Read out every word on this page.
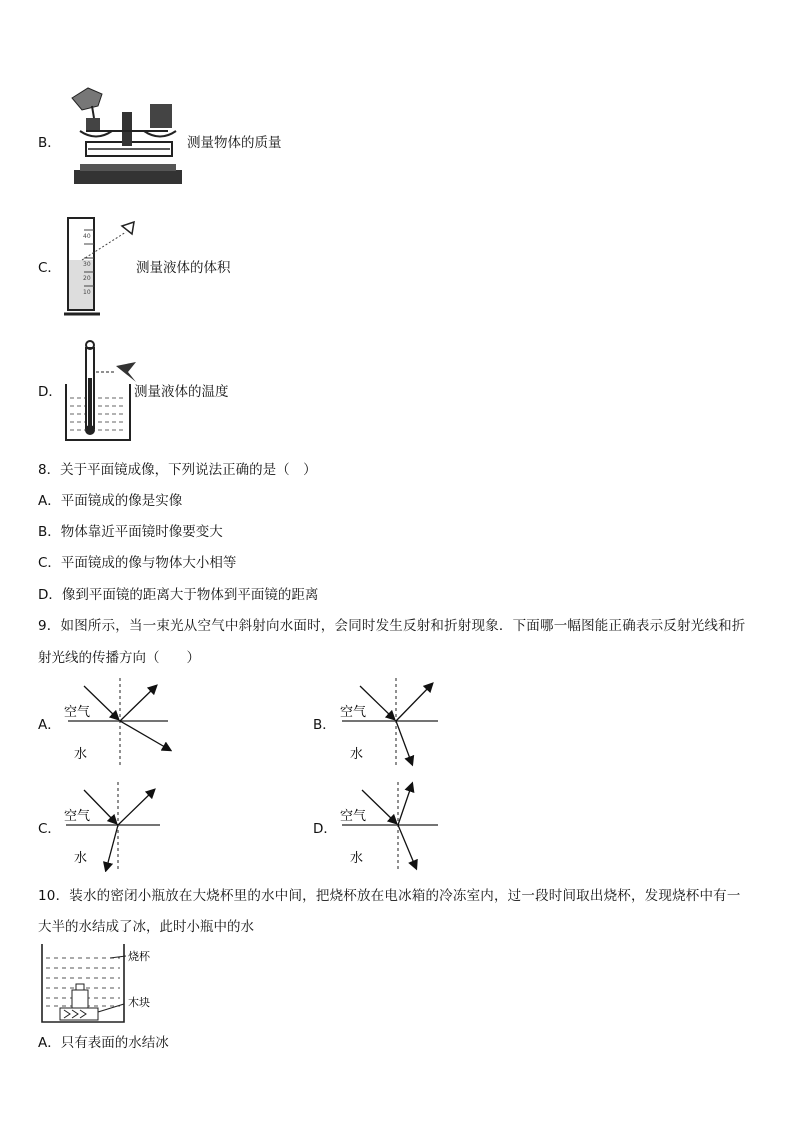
B．	测量物体的质量
C．
40
30
20
10
测量液体的体积
D．	测量液体的温度
8．关于平面镜成像，下列说法正确的是（　）
A．平面镜成的像是实像
B．物体靠近平面镜时像要变大
C．平面镜成的像与物体大小相等
D．像到平面镜的距离大于物体到平面镜的距离
9．如图所示，当一束光从空气中斜射向水面时，会同时发生反射和折射现象．下面哪一幅图能正确表示反射光线和折
射光线的传播方向（　　）
A．
空气
水
B．
空气
水
C．
空气
水
D．
空气
水
10．装水的密闭小瓶放在大烧杯里的水中间，把烧杯放在电冰箱的冷冻室内，过一段时间取出烧杯，发现烧杯中有一
大半的水结成了冰，此时小瓶中的水
烧杯
木块
A．只有表面的水结冰
